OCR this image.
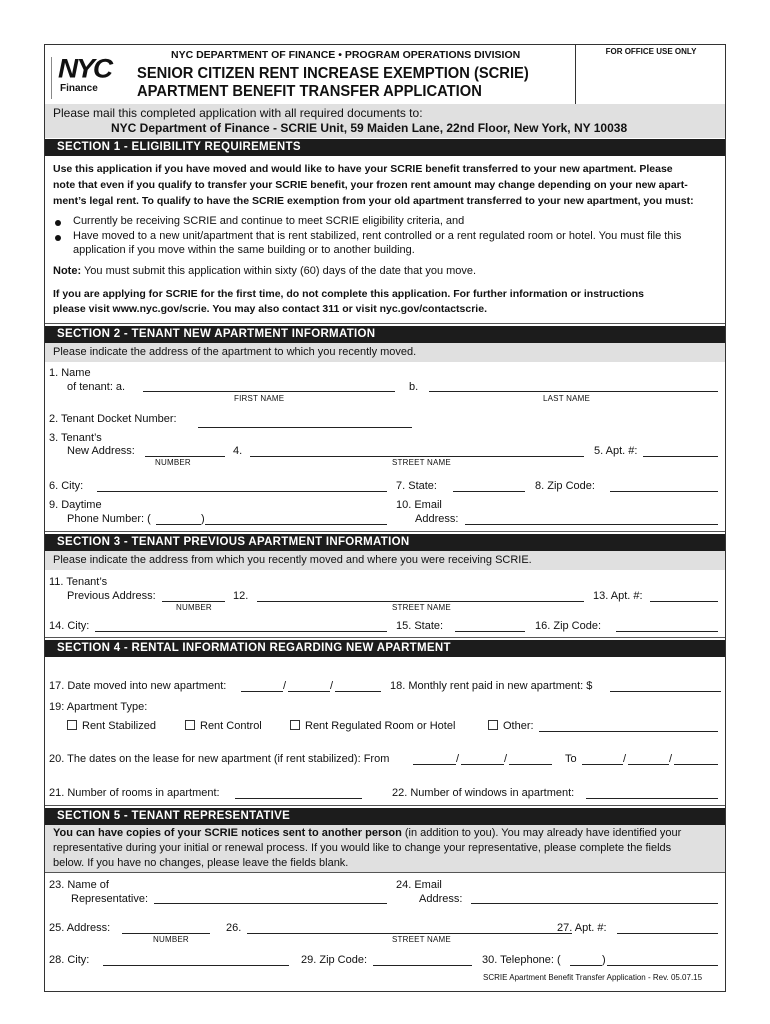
NYC
Finance
NYC DEPARTMENT OF FINANCE • PROGRAM OPERATIONS DIVISION	FOR OFFICE USE ONLY
SENIOR CITIZEN RENT INCREASE EXEMPTION (SCRIE)
APARTMENT BENEFIT TRANSFER APPLICATION
Please mail this completed application with all required documents to:
NYC Department of Finance - SCRIE Unit, 59 Maiden Lane, 22nd Floor, New York, NY 10038
SECTION 1 - ELIGIBILITY REQUIREMENTS
Use this application if you have moved and would like to have your SCRIE benefit transferred to your new apartment. Please
note that even if you qualify to transfer your SCRIE benefit, your frozen rent amount may change depending on your new apart-
ment’s legal rent. To qualify to have the SCRIE exemption from your old apartment transferred to your new apartment, you must:
Currently be receiving SCRIE and continue to meet SCRIE eligibility criteria, and
Have moved to a new unit/apartment that is rent stabilized, rent controlled or a rent regulated room or hotel. You must file this
application if you move within the same building or to another building.
Note: You must submit this application within sixty (60) days of the date that you move.
If you are applying for SCRIE for the first time, do not complete this application. For further information or instructions
please visit www.nyc.gov/scrie. You may also contact 311 or visit nyc.gov/contactscrie.
SECTION 2 - TENANT NEW APARTMENT INFORMATION
Please indicate the address of the apartment to which you recently moved.
1. Name
of tenant: a.
FIRST NAME
b.
LAST NAME
2. Tenant Docket Number:
3. Tenant’s
New Address:
NUMBER
4.
STREET NAME
5. Apt. #:
6. City:	7. State:	8. Zip Code:
9. Daytime
Phone Number: (	)
10. Email
Address:
SECTION 3 - TENANT PREVIOUS APARTMENT INFORMATION
Please indicate the address from which you recently moved and where you were receiving SCRIE.
11. Tenant’s
Previous Address:
NUMBER
12.
STREET NAME
13. Apt. #:
14. City:	15. State:	16. Zip Code:
SECTION 4 - RENTAL INFORMATION REGARDING NEW APARTMENT
17. Date moved into new apartment:	/	/	18. Monthly rent paid in new apartment: $
19: Apartment Type:
Rent Stabilized	Rent Control	Rent Regulated Room or Hotel	Other:
20. The dates on the lease for new apartment (if rent stabilized): From	/	/	To	/	/
21. Number of rooms in apartment:	22. Number of windows in apartment:
SECTION 5 - TENANT REPRESENTATIVE
You can have copies of your SCRIE notices sent to another person (in addition to you). You may already have identified your
representative during your initial or renewal process. If you would like to change your representative, please complete the fields
below. If you have no changes, please leave the fields blank.
23. Name of
Representative:
24. Email
Address:
25. Address:
NUMBER
26.
STREET NAME
27. Apt. #:
28. City:	29. Zip Code:	30. Telephone: (	)
SCRIE Apartment Benefit Transfer Application - Rev. 05.07.15
